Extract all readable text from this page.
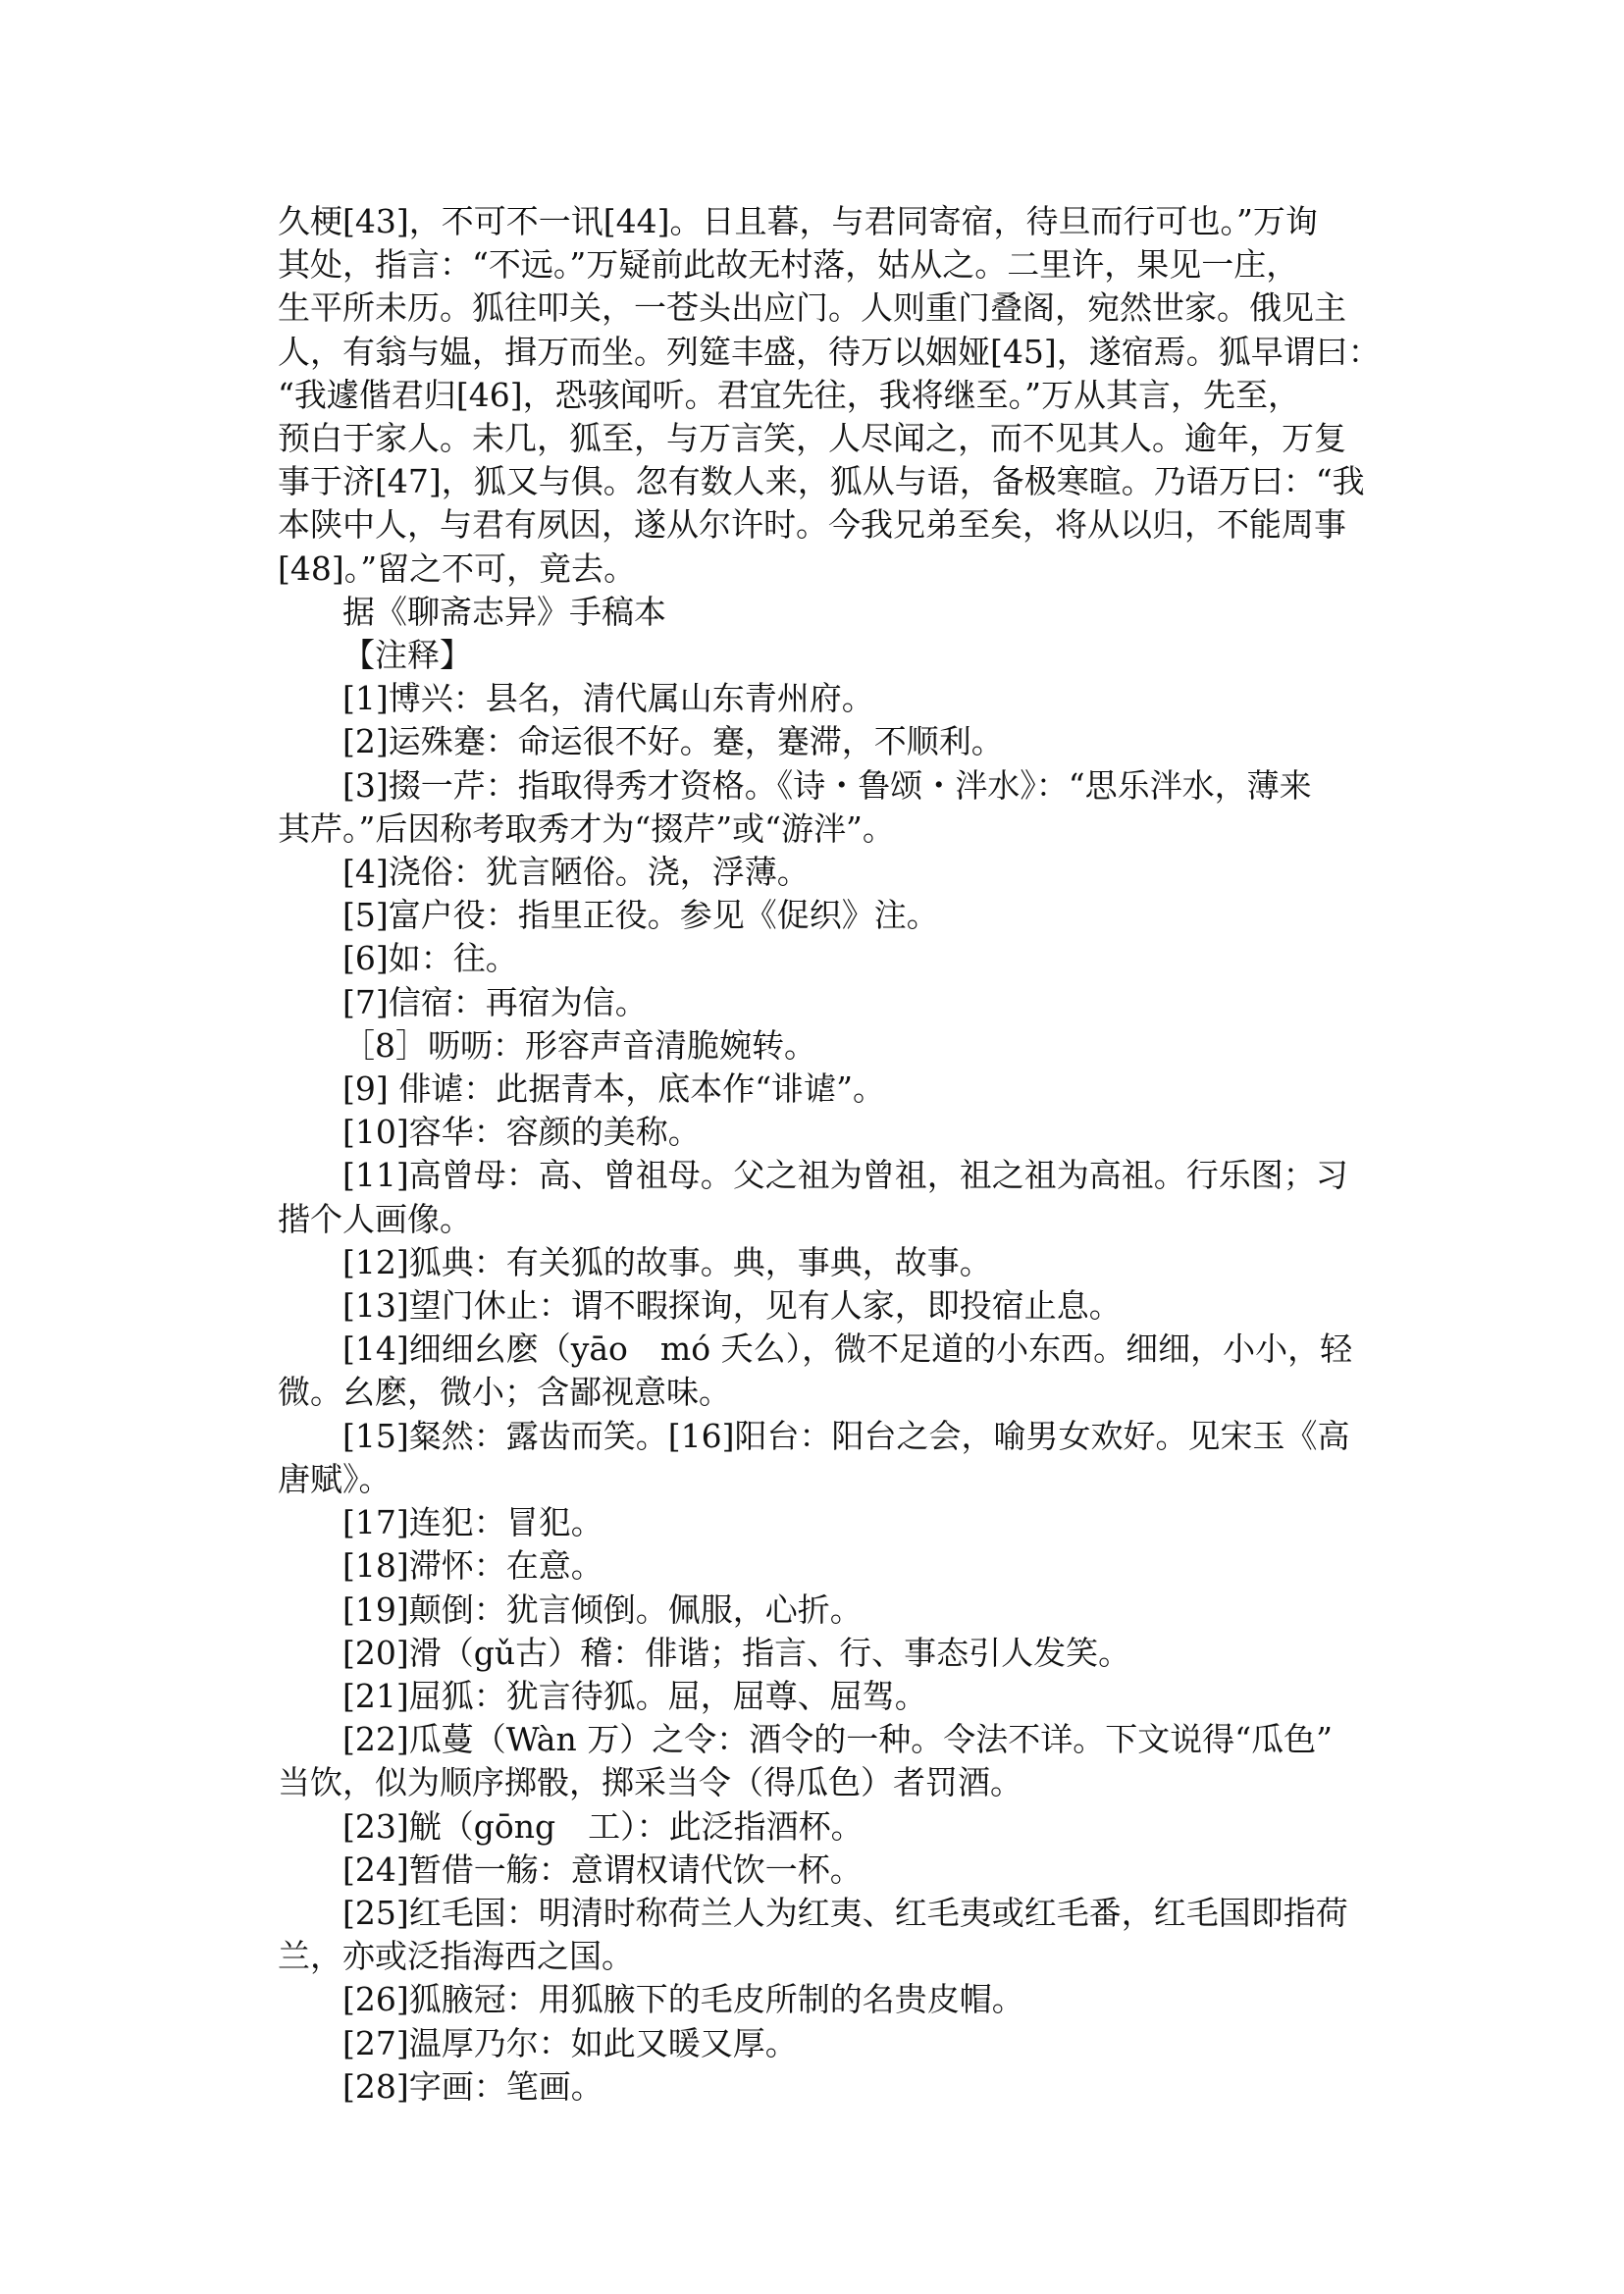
久梗[43]，不可不一讯[44]。日且暮，与君同寄宿，待旦而行可也。”万询
其处，指言：“不远。”万疑前此故无村落，姑从之。二里许，果见一庄，
生平所未历。狐往叩关，一苍头出应门。人则重门叠阁，宛然世家。俄见主
人，有翁与媪，揖万而坐。列筵丰盛，待万以姻娅[45]，遂宿焉。狐早谓曰：
“我遽偕君归[46]，恐骇闻听。君宜先往，我将继至。”万从其言，先至，
预白于家人。未几，狐至，与万言笑，人尽闻之，而不见其人。逾年，万复
事于济[47]，狐又与俱。忽有数人来，狐从与语，备极寒暄。乃语万曰：“我
本陕中人，与君有夙因，遂从尔许时。今我兄弟至矣，将从以归，不能周事
[48]。”留之不可，竟去。
据《聊斋志异》手稿本
【注释】
[1]博兴：县名，清代属山东青州府。
[2]运殊蹇：命运很不好。蹇，蹇滞，不顺利。
[3]掇一芹：指取得秀才资格。《诗・鲁颂・泮水》：“思乐泮水，薄来
其芹。”后因称考取秀才为“掇芹”或“游泮”。
[4]浇俗：犹言陋俗。浇，浮薄。
[5]富户役：指里正役。参见《促织》注。
[6]如：往。
[7]信宿：再宿为信。
［8］呖呖：形容声音清脆婉转。
[9] 俳谑：此据青本，底本作“诽谑”。
[10]容华：容颜的美称。
[11]高曾母：高、曾祖母。父之祖为曾祖，祖之祖为高祖。行乐图；习
揩个人画像。
[12]狐典：有关狐的故事。典，事典，故事。
[13]望门休止：谓不暇探询，见有人家，即投宿止息。
[14]细细幺麽（yāo　mó 夭么），微不足道的小东西。细细，小小，轻
微。幺麽，微小；含鄙视意味。
[15]粲然：露齿而笑。[16]阳台：阳台之会，喻男女欢好。见宋玉《高
唐赋》。
[17]连犯：冒犯。
[18]滞怀：在意。
[19]颠倒：犹言倾倒。佩服，心折。
[20]滑（gǔ古）稽：俳谐；指言、行、事态引人发笑。
[21]屈狐：犹言待狐。屈，屈尊、屈驾。
[22]瓜蔓（Wàn 万）之令：酒令的一种。令法不详。下文说得“瓜色”
当饮，似为顺序掷骰，掷采当令（得瓜色）者罚酒。
[23]觥（gōng　工）：此泛指酒杯。
[24]暂借一觞：意谓权请代饮一杯。
[25]红毛国：明清时称荷兰人为红夷、红毛夷或红毛番，红毛国即指荷
兰，亦或泛指海西之国。
[26]狐腋冠：用狐腋下的毛皮所制的名贵皮帽。
[27]温厚乃尔：如此又暖又厚。
[28]字画：笔画。
